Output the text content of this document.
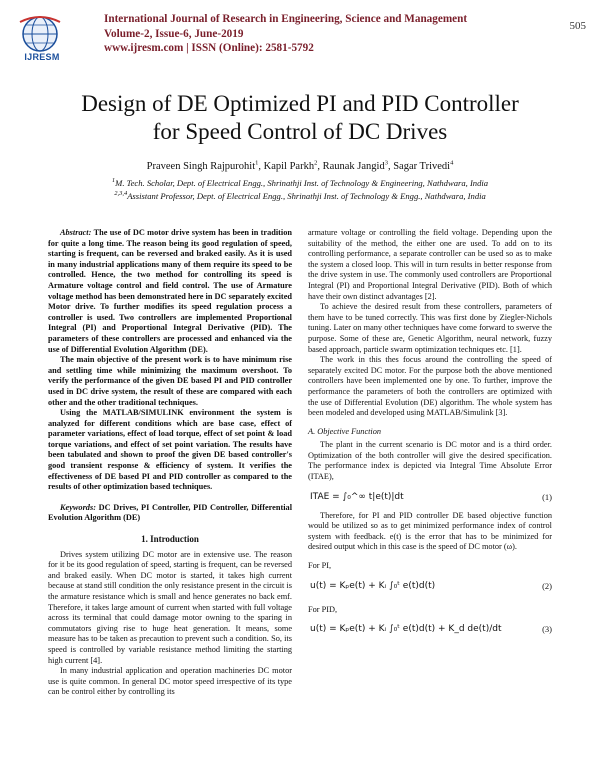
IJRESM
International Journal of Research in Engineering, Science and Management
Volume-2, Issue-6, June-2019
www.ijresm.com | ISSN (Online): 2581-5792
505
Design of DE Optimized PI and PID Controller
for Speed Control of DC Drives
Praveen Singh Rajpurohit$^1$, Kapil Parkh$^2$, Raunak Jangid$^3$, Sagar Trivedi$^4$
$^1$M. Tech. Scholar, Dept. of Electrical Engg., Shrinathji Inst. of Technology & Engineering, Nathdwara, India
$^{2,3,4}$Assistant Professor, Dept. of Electrical Engg., Shrinathji Inst. of Technology & Engg., Nathdwara, India

Abstract: The use of DC motor drive system has been in tradition for quite a long time. The reason being its good regulation of speed, starting is frequent, can be reversed and braked easily. As it is used in many industrial applications many of them require its speed to be controlled. Hence, the two method for controlling its speed is Armature voltage control and field control. The use of Armature voltage method has been demonstrated here in DC separately excited Motor drive. To further modifies its speed regulation process a controller is used. Two controllers are implemented Proportional Integral (PI) and Proportional Integral Derivative (PID). The parameters of these controllers are processed and enhanced via the use of Differential Evolution Algorithm (DE).

The main objective of the present work is to have minimum rise and settling time while minimizing the maximum overshoot. To verify the performance of the given DE based PI and PID controller used in DC drive system, the result of these are compared with each other and the other traditional techniques.

Using the MATLAB/SIMULINK environment the system is analyzed for different conditions which are base case, effect of parameter variations, effect of load torque, effect of set point & load torque variations, and effect of set point variation. The results have been tabulated and shown to proof the given DE based controller's good transient response & efficiency of system. It verifies the effectiveness of DE based PI and PID controller as compared to the results of other optimization based techniques.

Keywords: DC Drives, PI Controller, PID Controller, Differential Evolution Algorithm (DE)

1. Introduction

Drives system utilizing DC motor are in extensive use. The reason for it be its good regulation of speed, starting is frequent, can be reversed and braked easily. When DC motor is started, it takes high current because at stand still condition the only resistance present in the circuit is the armature resistance which is small and hence generates no back emf. Therefore, it takes large amount of current when started with full voltage across its terminal that could damage motor owning to the sparing in commutators giving rise to huge heat generation. It means, some measure has to be taken as precaution to prevent such a condition. So, its speed is controlled by variable resistance method limiting the starting high current [4].

In many industrial application and operation machineries DC motor use is quite common. In general DC motor speed irrespective of its type can be control either by controlling its

armature voltage or controlling the field voltage. Depending upon the suitability of the method, the either one are used. To add on to its controlling performance, a separate controller can be used so as to make the system a closed loop. This will in turn results in better response from the drive system in use. The commonly used controllers are Proportional Integral (PI) and Proportional Integral Derivative (PID). Both of which have their own distinct advantages [2].

To achieve the desired result from these controllers, parameters of them have to be tuned correctly. This was first done by Ziegler-Nichols tuning. Later on many other techniques have come forward to swerve the purpose. Some of these are, Genetic Algorithm, neural network, fuzzy based approach, particle swarm optimization techniques etc. [1].

The work in this thes focus around the controlling the speed of separately excited DC motor. For the purpose both the above mentioned controllers have been implemented one by one. To further, improve the performance the parameters of both the controllers are optimized with the use of Differential Evolution (DE) algorithm. The whole system has been modeled and developed using MATLAB/Simulink [3].

A. Objective Function

The plant in the current scenario is DC motor and is a third order. Optimization of the both controller will give the desired specification. The performance index is depicted via Integral Time Absolute Error (ITAE),

ITAE = ∫₀^∞ t|e(t)|dt	(1)

Therefore, for PI and PID controller DE based objective function would be utilized so as to get minimized performance index of control system with feedback. e(t) is the error that has to be minimized for desired output which in this case is the speed of DC motor (ω).

For PI,

u(t) = Kₚe(t) + Kᵢ ∫₀ᵗ e(t)d(t)	(2)

For PID,

u(t) = Kₚe(t) + Kᵢ ∫₀ᵗ e(t)d(t) + K_d de(t)/dt	(3)
